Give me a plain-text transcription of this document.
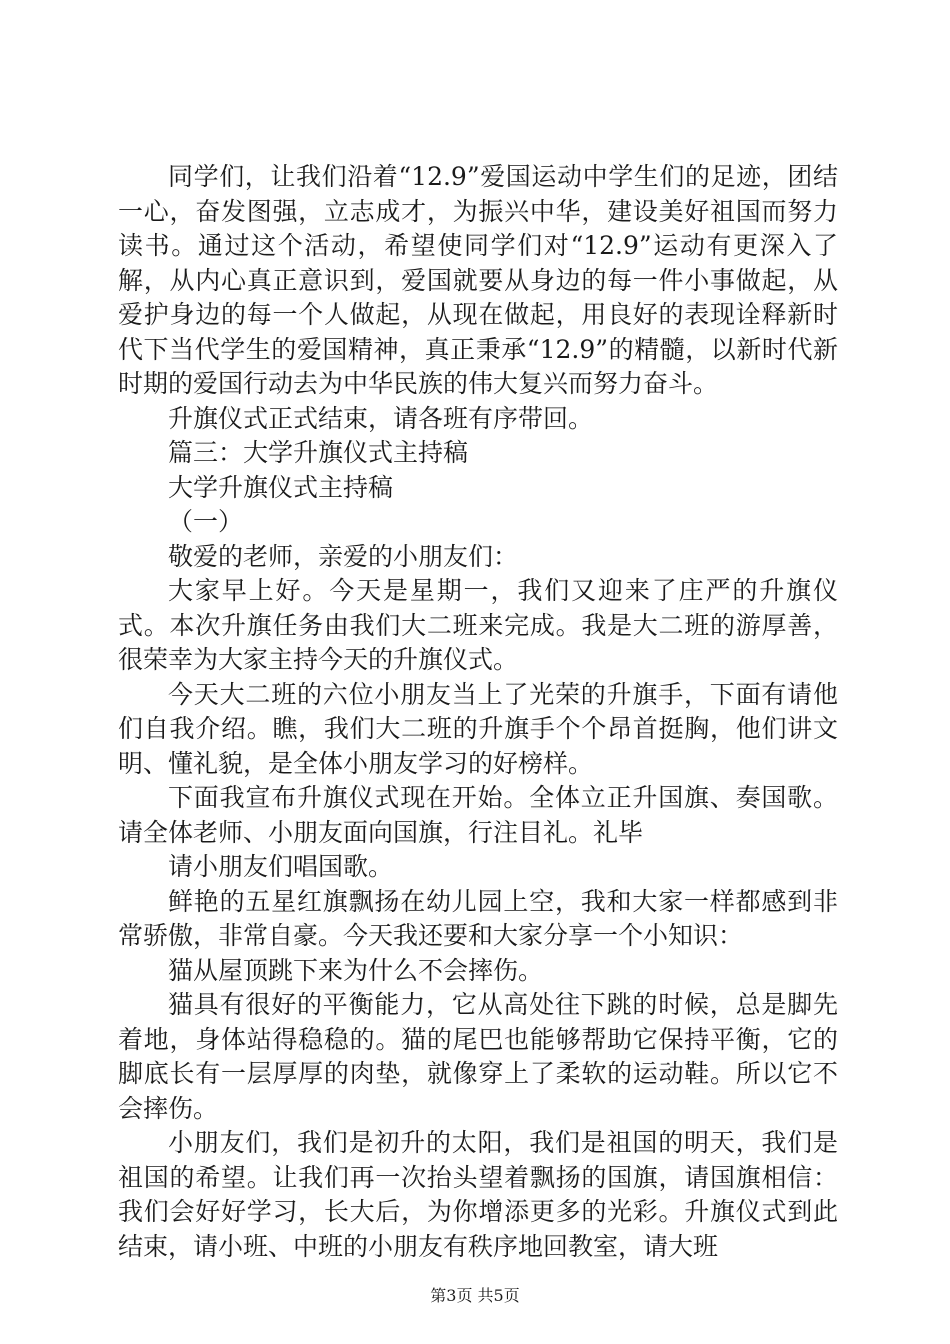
同学们，让我们沿着“12.9”爱国运动中学生们的足迹，团结一心，奋发图强，立志成才，为振兴中华，建设美好祖国而努力读书。通过这个活动，希望使同学们对“12.9”运动有更深入了解，从内心真正意识到，爱国就要从身边的每一件小事做起，从爱护身边的每一个人做起，从现在做起，用良好的表现诠释新时代下当代学生的爱国精神，真正秉承“12.9”的精髓，以新时代新时期的爱国行动去为中华民族的伟大复兴而努力奋斗。

升旗仪式正式结束，请各班有序带回。

篇三：大学升旗仪式主持稿

大学升旗仪式主持稿

（一）

敬爱的老师，亲爱的小朋友们：

大家早上好。今天是星期一，我们又迎来了庄严的升旗仪式。本次升旗任务由我们大二班来完成。我是大二班的游厚善，很荣幸为大家主持今天的升旗仪式。

今天大二班的六位小朋友当上了光荣的升旗手，下面有请他们自我介绍。瞧，我们大二班的升旗手个个昂首挺胸，他们讲文明、懂礼貌，是全体小朋友学习的好榜样。

下面我宣布升旗仪式现在开始。全体立正升国旗、奏国歌。请全体老师、小朋友面向国旗，行注目礼。礼毕

请小朋友们唱国歌。

鲜艳的五星红旗飘扬在幼儿园上空，我和大家一样都感到非常骄傲，非常自豪。今天我还要和大家分享一个小知识：

猫从屋顶跳下来为什么不会摔伤。

猫具有很好的平衡能力，它从高处往下跳的时候，总是脚先着地，身体站得稳稳的。猫的尾巴也能够帮助它保持平衡，它的脚底长有一层厚厚的肉垫，就像穿上了柔软的运动鞋。所以它不会摔伤。

小朋友们，我们是初升的太阳，我们是祖国的明天，我们是祖国的希望。让我们再一次抬头望着飘扬的国旗，请国旗相信：我们会好好学习，长大后，为你增添更多的光彩。升旗仪式到此结束，请小班、中班的小朋友有秩序地回教室，请大班

第3页 共5页
